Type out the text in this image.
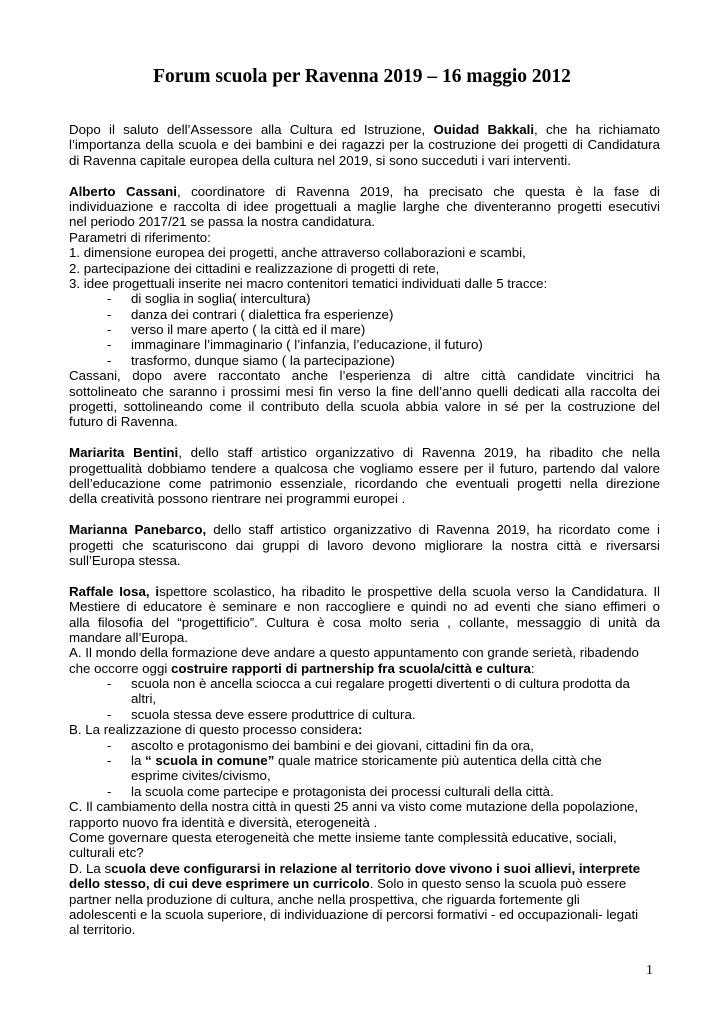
Forum scuola per Ravenna 2019 – 16 maggio 2012
Dopo il saluto dell’Assessore alla Cultura ed Istruzione, Ouidad Bakkali, che ha richiamato
l’importanza della scuola e dei bambini e dei ragazzi per la costruzione dei progetti di Candidatura
di Ravenna capitale europea della cultura nel 2019, si sono succeduti i vari interventi.
Alberto Cassani, coordinatore di Ravenna 2019, ha precisato che questa è la fase di
individuazione e raccolta di idee progettuali a maglie larghe che diventeranno progetti esecutivi
nel periodo 2017/21 se passa la nostra candidatura.
Parametri di riferimento:
1. dimensione europea dei progetti, anche attraverso collaborazioni e scambi,
2. partecipazione dei cittadini e realizzazione di progetti di rete,
3. idee progettuali inserite nei macro contenitori tematici individuati dalle 5 tracce:
- di soglia in soglia( intercultura)
- danza dei contrari ( dialettica fra esperienze)
- verso il mare aperto ( la città ed il mare)
- immaginare l’immaginario ( l’infanzia, l’educazione, il futuro)
- trasformo, dunque siamo ( la partecipazione)
Cassani, dopo avere raccontato anche l’esperienza di altre città candidate vincitrici ha
sottolineato che saranno i prossimi mesi fin verso la fine dell’anno quelli dedicati alla raccolta dei
progetti, sottolineando come il contributo della scuola abbia valore in sé per la costruzione del
futuro di Ravenna.
Mariarita Bentini, dello staff artistico organizzativo di Ravenna 2019, ha ribadito che nella
progettualità dobbiamo tendere a qualcosa che vogliamo essere per il futuro, partendo dal valore
dell’educazione come patrimonio essenziale, ricordando che eventuali progetti nella direzione
della creatività possono rientrare nei programmi europei .
Marianna Panebarco, dello staff artistico organizzativo di Ravenna 2019, ha ricordato come i
progetti che scaturiscono dai gruppi di lavoro devono migliorare la nostra città e riversarsi
sull’Europa stessa.
Raffale Iosa, ispettore scolastico, ha ribadito le prospettive della scuola verso la Candidatura. Il
Mestiere di educatore è seminare e non raccogliere e quindi no ad eventi che siano effimeri o
alla filosofia del “progettificio”. Cultura è cosa molto seria , collante, messaggio di unità da
mandare all’Europa.
A. Il mondo della formazione deve andare a questo appuntamento con grande serietà, ribadendo
che occorre oggi costruire rapporti di partnership fra scuola/città e cultura:
- scuola non è ancella sciocca a cui regalare progetti divertenti o di cultura prodotta da
altri,
- scuola stessa deve essere produttrice di cultura.
B. La realizzazione di questo processo considera:
- ascolto e protagonismo dei bambini e dei giovani, cittadini fin da ora,
- la “ scuola in comune” quale matrice storicamente più autentica della città che
esprime civites/civismo,
- la scuola come partecipe e protagonista dei processi culturali della città.
C. Il cambiamento della nostra città in questi 25 anni va visto come mutazione della popolazione,
rapporto nuovo fra identità e diversità, eterogeneità .
Come governare questa eterogeneità che mette insieme tante complessità educative, sociali,
culturali etc?
D. La scuola deve configurarsi in relazione al territorio dove vivono i suoi allievi, interprete
dello stesso, di cui deve esprimere un curricolo. Solo in questo senso la scuola può essere
partner nella produzione di cultura, anche nella prospettiva, che riguarda fortemente gli
adolescenti e la scuola superiore, di individuazione di percorsi formativi - ed occupazionali- legati
al territorio.
1
